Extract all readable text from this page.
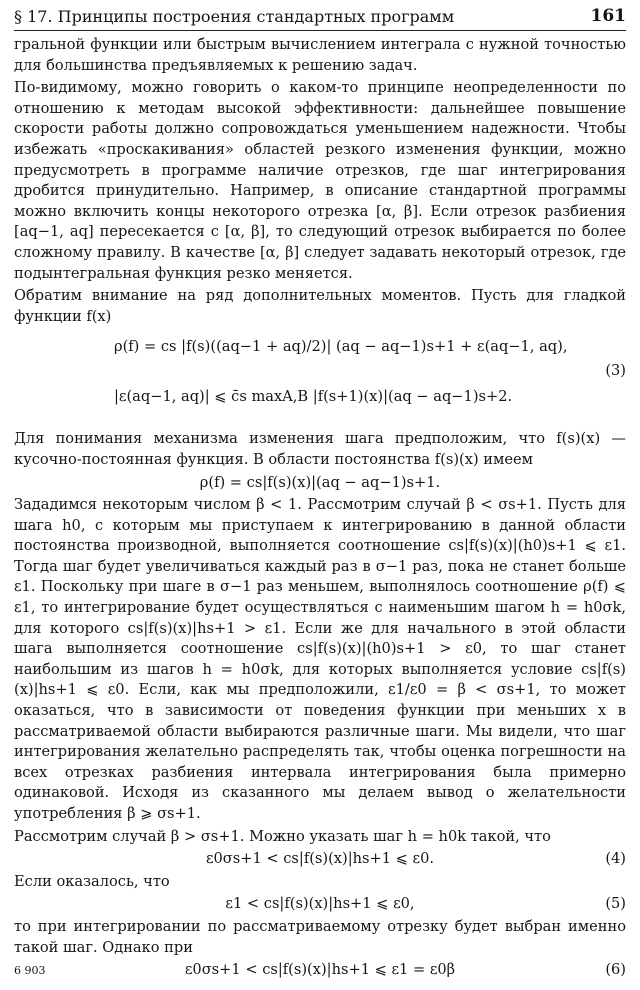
§ 17. Принципы построения стандартных программ	161

гральной функции или быстрым вычислением интеграла с нужной точностью для большинства предъявляемых к решению задач.

По-видимому, можно говорить о каком-то принципе неопределенности по отношению к методам высокой эффективности: дальнейшее повышение скорости работы должно сопровождаться уменьшением надежности. Чтобы избежать «проскакивания» областей резкого изменения функции, можно предусмотреть в программе наличие отрезков, где шаг интегрирования дробится принудительно. Например, в описание стандартной программы можно включить концы некоторого отрезка [α, β]. Если отрезок разбиения [aq−1, aq] пересекается с [α, β], то следующий отрезок выбирается по более сложному правилу. В качестве [α, β] следует задавать некоторый отрезок, где подынтегральная функция резко меняется.

Обратим внимание на ряд дополнительных моментов. Пусть для гладкой функции f(x)

ρ(f) = cs |f(s)((aq−1 + aq)/2)| (aq − aq−1)s+1 + ε(aq−1, aq),
|ε(aq−1, aq)| ⩽ c̄s maxA,B |f(s+1)(x)|(aq − aq−1)s+2.
(3)

Для понимания механизма изменения шага предположим, что f(s)(x) — кусочно-постоянная функция. В области постоянства f(s)(x) имеем

ρ(f) = cs|f(s)(x)|(aq − aq−1)s+1.

Зададимся некоторым числом β < 1. Рассмотрим случай β < σs+1. Пусть для шага h0, с которым мы приступаем к интегрированию в данной области постоянства производной, выполняется соотношение cs|f(s)(x)|(h0)s+1 ⩽ ε1. Тогда шаг будет увеличиваться каждый раз в σ−1 раз, пока не станет больше ε1. Поскольку при шаге в σ−1 раз меньшем, выполнялось соотношение ρ(f) ⩽ ε1, то интегрирование будет осуществляться с наименьшим шагом h = h0σk, для которого cs|f(s)(x)|hs+1 > ε1. Если же для начального в этой области шага выполняется соотношение cs|f(s)(x)|(h0)s+1 > ε0, то шаг станет наибольшим из шагов h = h0σk, для которых выполняется условие cs|f(s)(x)|hs+1 ⩽ ε0. Если, как мы предположили, ε1/ε0 = β < σs+1, то может оказаться, что в зависимости от поведения функции при меньших x в рассматриваемой области выбираются различные шаги. Мы видели, что шаг интегрирования желательно распределять так, чтобы оценка погрешности на всех отрезках разбиения интервала интегрирования была примерно одинаковой. Исходя из сказанного мы делаем вывод о желательности употребления β ⩾ σs+1.

Рассмотрим случай β > σs+1. Можно указать шаг h = h0k такой, что

ε0σs+1 < cs|f(s)(x)|hs+1 ⩽ ε0.	(4)

Если оказалось, что

ε1 < cs|f(s)(x)|hs+1 ⩽ ε0,	(5)

то при интегрировании по рассматриваемому отрезку будет выбран именно такой шаг. Однако при

ε0σs+1 < cs|f(s)(x)|hs+1 ⩽ ε1 = ε0β	(6)
6 903
